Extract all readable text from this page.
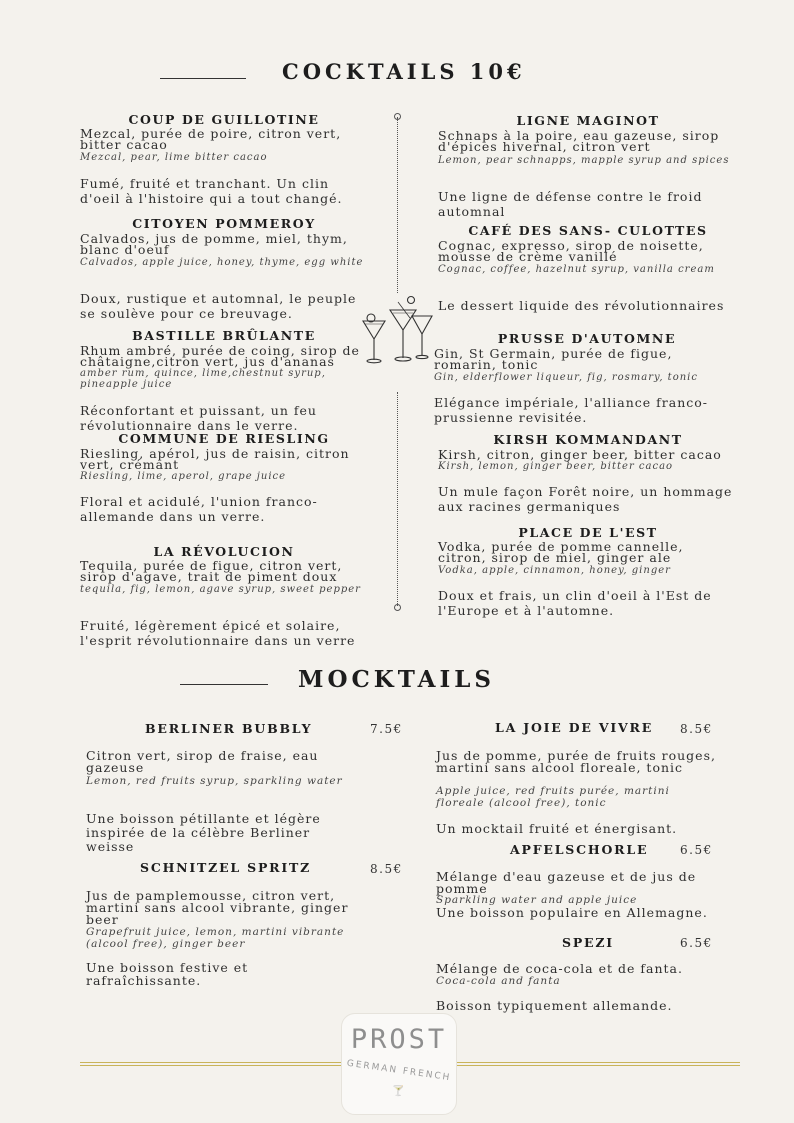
COCKTAILS 10€
COUP DE GUILLOTINE
Mezcal, purée de poire, citron vert, bitter cacao
Mezcal, pear, lime bitter cacao
Fumé, fruité et tranchant. Un clin d'oeil à l'histoire qui a tout changé.
CITOYEN POMMEROY
Calvados, jus de pomme, miel, thym, blanc d'oeuf
Calvados, apple juice, honey, thyme, egg white
Doux, rustique et automnal, le peuple se soulève pour ce breuvage.
BASTILLE BRÛLANTE
Rhum ambré, purée de coing, sirop de châtaigne,citron vert, jus d'ananas
amber rum, quince, lime,chestnut syrup, pineapple juice
Réconfortant et puissant, un feu révolutionnaire dans le verre.
COMMUNE DE RIESLING
Riesling, apérol, jus de raisin, citron vert, crémant
Riesling, lime, aperol, grape juice
Floral et acidulé, l'union franco-allemande dans un verre.
LA RÉVOLUCION
Tequila, purée de figue, citron vert, sirop d'agave, trait de piment doux
tequila, fig, lemon, agave syrup, sweet pepper
Fruité, légèrement épicé et solaire, l'esprit révolutionnaire dans un verre
LIGNE MAGINOT
Schnaps à la poire, eau gazeuse, sirop d'épices hivernal, citron vert
Lemon, pear schnapps, mapple syrup and spices
Une ligne de défense contre le froid automnal
CAFÉ DES SANS- CULOTTES
Cognac, expresso, sirop de noisette, mousse de crème vanillé
Cognac, coffee, hazelnut syrup, vanilla cream
Le dessert liquide des révolutionnaires
PRUSSE D'AUTOMNE
Gin, St Germain, purée de figue, romarin, tonic
Gin, elderflower liqueur, fig, rosmary, tonic
Elégance impériale, l'alliance franco-prussienne revisitée.
KIRSH KOMMANDANT
Kirsh, citron, ginger beer, bitter cacao
Kirsh, lemon, ginger beer, bitter cacao
Un mule façon Forêt noire, un hommage aux racines germaniques
PLACE DE L'EST
Vodka, purée de pomme cannelle, citron, sirop de miel, ginger ale
Vodka, apple, cinnamon, honey, ginger
Doux et frais, un clin d'oeil à l'Est de l'Europe et à l'automne.
MOCKTAILS
BERLINER BUBBLY	7.5€
Citron vert, sirop de fraise, eau gazeuse
Lemon, red fruits syrup, sparkling water
Une boisson pétillante et légère inspirée de la célèbre Berliner weisse
SCHNITZEL SPRITZ	8.5€
Jus de pamplemousse, citron vert, martini sans alcool vibrante, ginger beer
Grapefruit juice, lemon, martini vibrante (alcool free), ginger beer
Une boisson festive et rafraîchissante.
LA JOIE DE VIVRE 8.5€
Jus de pomme, purée de fruits rouges, martini sans alcool floreale, tonic
Apple juice, red fruits purée, martini floreale (alcool free), tonic
Un mocktail fruité et énergisant.
APFELSCHORLE	6.5€
Mélange d'eau gazeuse et de jus de pomme
Sparkling water and apple juice
Une boisson populaire en Allemagne.
SPEZI	6.5€
Mélange de coca-cola et de fanta.
Coca-cola and fanta
Boisson typiquement allemande.
PROST
GERMAN FRENCH
🍸
